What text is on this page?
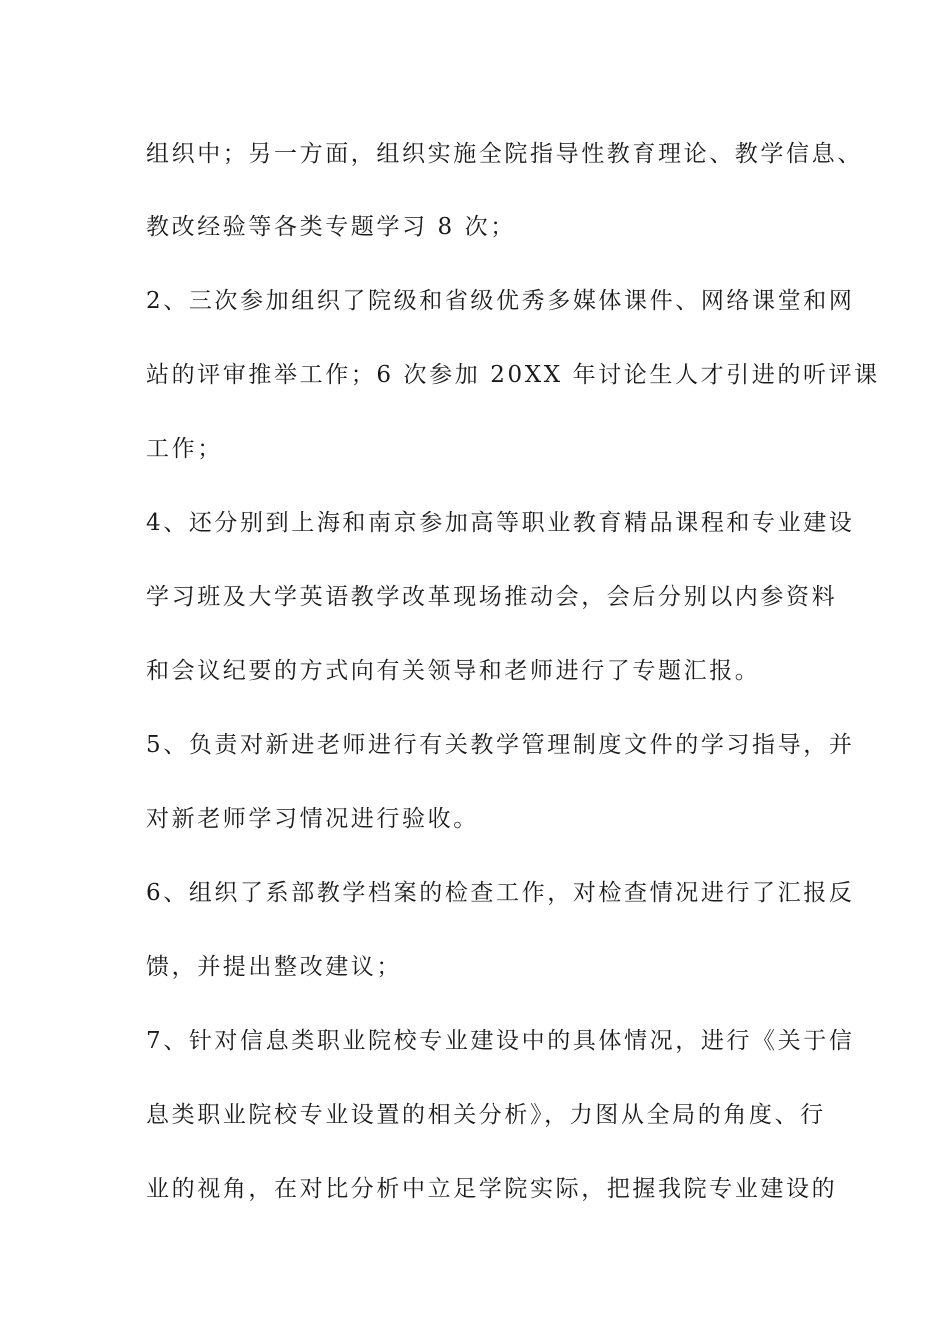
组织中；另一方面，组织实施全院指导性教育理论、教学信息、
教改经验等各类专题学习 8 次；
2、三次参加组织了院级和省级优秀多媒体课件、网络课堂和网
站的评审推举工作；6 次参加 20XX 年讨论生人才引进的听评课
工作；
4、还分别到上海和南京参加高等职业教育精品课程和专业建设
学习班及大学英语教学改革现场推动会，会后分别以内参资料
和会议纪要的方式向有关领导和老师进行了专题汇报。
5、负责对新进老师进行有关教学管理制度文件的学习指导，并
对新老师学习情况进行验收。
6、组织了系部教学档案的检查工作，对检查情况进行了汇报反
馈，并提出整改建议；
7、针对信息类职业院校专业建设中的具体情况，进行《关于信
息类职业院校专业设置的相关分析》，力图从全局的角度、行
业的视角，在对比分析中立足学院实际，把握我院专业建设的
